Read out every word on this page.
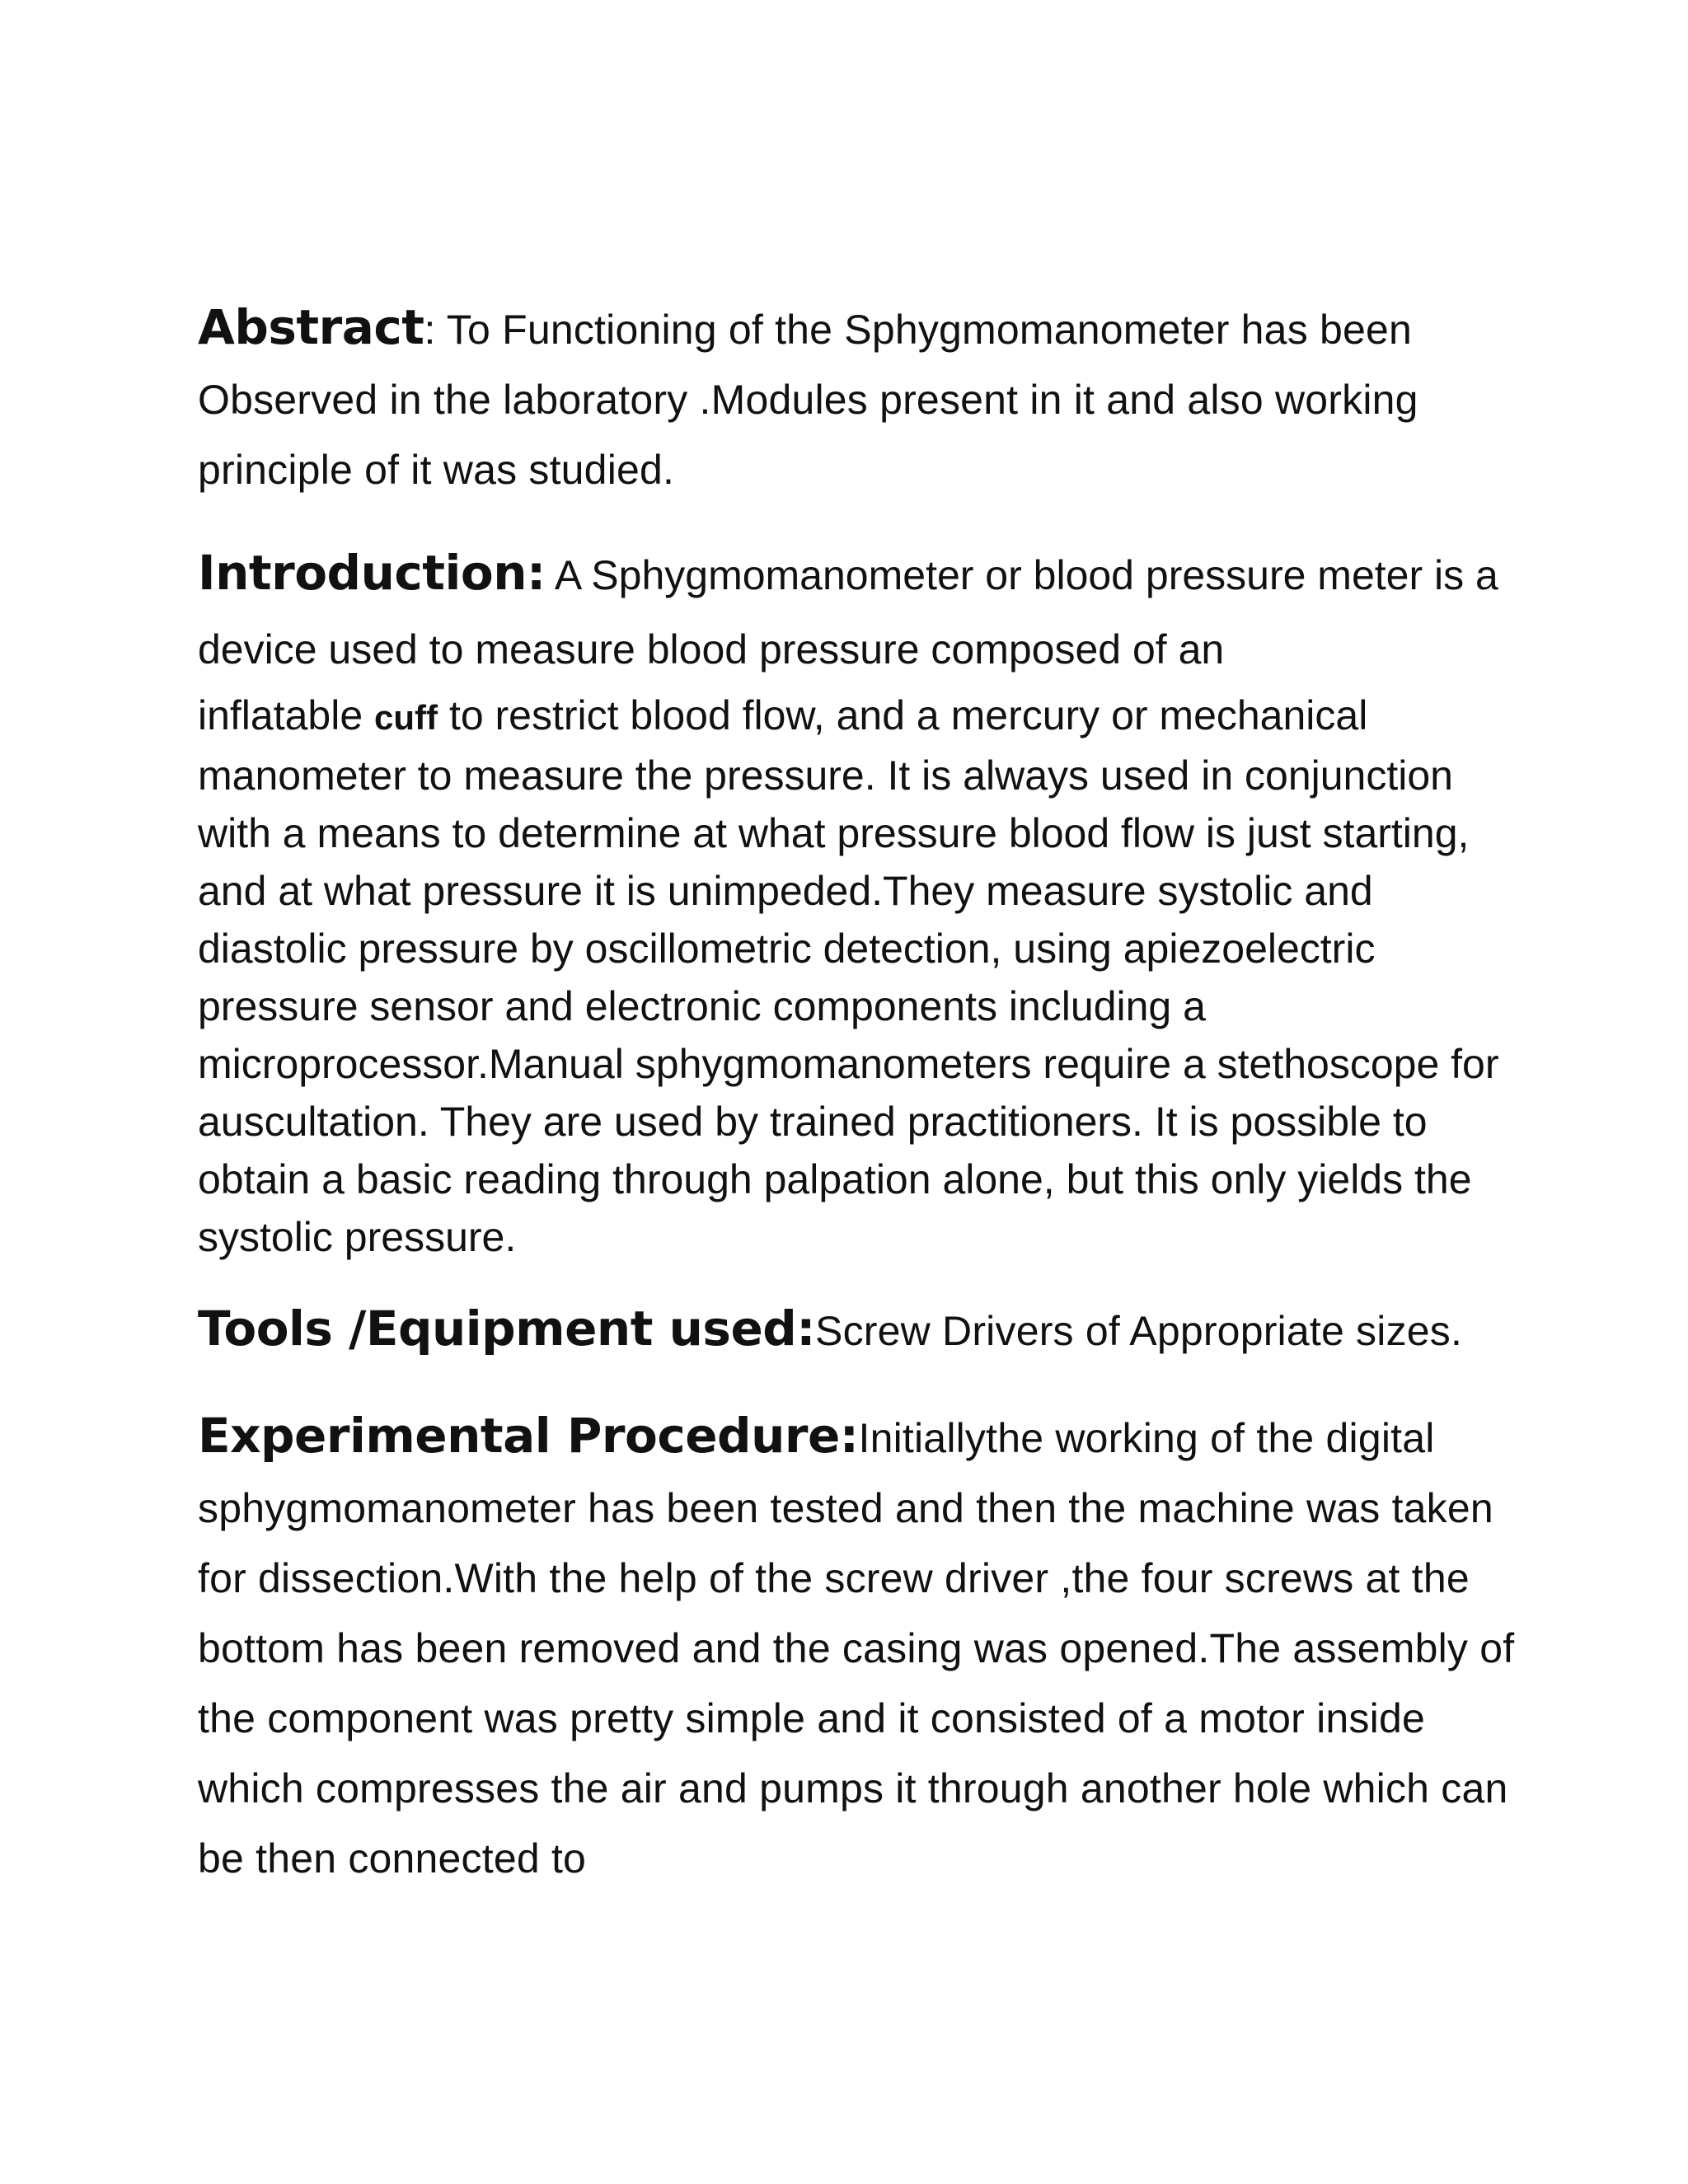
Abstract: To Functioning of the Sphygmomanometer has been Observed in the laboratory .Modules present in it and also working principle of it was studied.

Introduction: A Sphygmomanometer or blood pressure meter is a device used to measure blood pressure composed of an

inflatable cuff to restrict blood flow, and a mercury or mechanical manometer to measure the pressure. It is always used in conjunction with a means to determine at what pressure blood flow is just starting, and at what pressure it is unimpeded.They measure systolic and diastolic pressure by oscillometric detection, using apiezoelectric pressure sensor and electronic components including a microprocessor.Manual sphygmomanometers require a stethoscope for auscultation. They are used by trained practitioners. It is possible to obtain a basic reading through palpation alone, but this only yields the systolic pressure.

Tools /Equipment used:Screw Drivers of Appropriate sizes.

Experimental Procedure:Initiallythe working of the digital sphygmomanometer has been tested and then the machine was taken for dissection.With the help of the screw driver ,the four screws at the bottom has been removed and the casing was opened.The assembly of the component was pretty simple and it consisted of a motor inside which compresses the air and pumps it through another hole which can be then connected to
